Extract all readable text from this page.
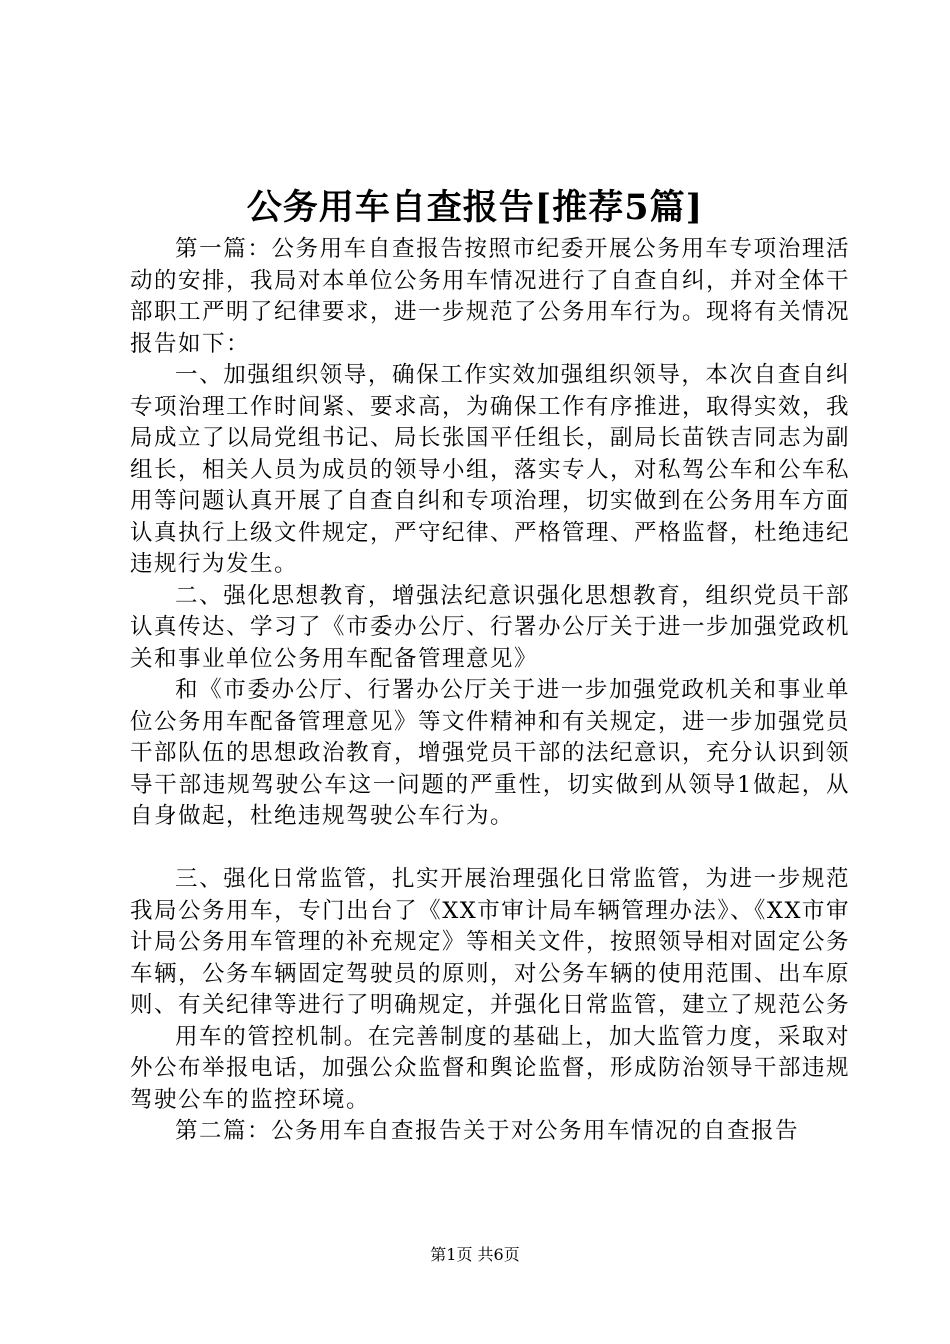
公务用车自查报告[推荐5篇]

第一篇：公务用车自查报告按照市纪委开展公务用车专项治理活动的安排，我局对本单位公务用车情况进行了自查自纠，并对全体干部职工严明了纪律要求，进一步规范了公务用车行为。现将有关情况报告如下：

一、加强组织领导，确保工作实效加强组织领导，本次自查自纠专项治理工作时间紧、要求高，为确保工作有序推进，取得实效，我局成立了以局党组书记、局长张国平任组长，副局长苗铁吉同志为副组长，相关人员为成员的领导小组，落实专人，对私驾公车和公车私用等问题认真开展了自查自纠和专项治理，切实做到在公务用车方面认真执行上级文件规定，严守纪律、严格管理、严格监督，杜绝违纪违规行为发生。

二、强化思想教育，增强法纪意识强化思想教育，组织党员干部认真传达、学习了《市委办公厅、行署办公厅关于进一步加强党政机关和事业单位公务用车配备管理意见》

和《市委办公厅、行署办公厅关于进一步加强党政机关和事业单位公务用车配备管理意见》等文件精神和有关规定，进一步加强党员干部队伍的思想政治教育，增强党员干部的法纪意识，充分认识到领导干部违规驾驶公车这一问题的严重性，切实做到从领导1做起，从自身做起，杜绝违规驾驶公车行为。

三、强化日常监管，扎实开展治理强化日常监管，为进一步规范我局公务用车，专门出台了《XX市审计局车辆管理办法》、《XX市审计局公务用车管理的补充规定》等相关文件，按照领导相对固定公务车辆，公务车辆固定驾驶员的原则，对公务车辆的使用范围、出车原则、有关纪律等进行了明确规定，并强化日常监管，建立了规范公务

用车的管控机制。在完善制度的基础上，加大监管力度，采取对外公布举报电话，加强公众监督和舆论监督，形成防治领导干部违规驾驶公车的监控环境。

第二篇：公务用车自查报告关于对公务用车情况的自查报告

第1页 共6页
